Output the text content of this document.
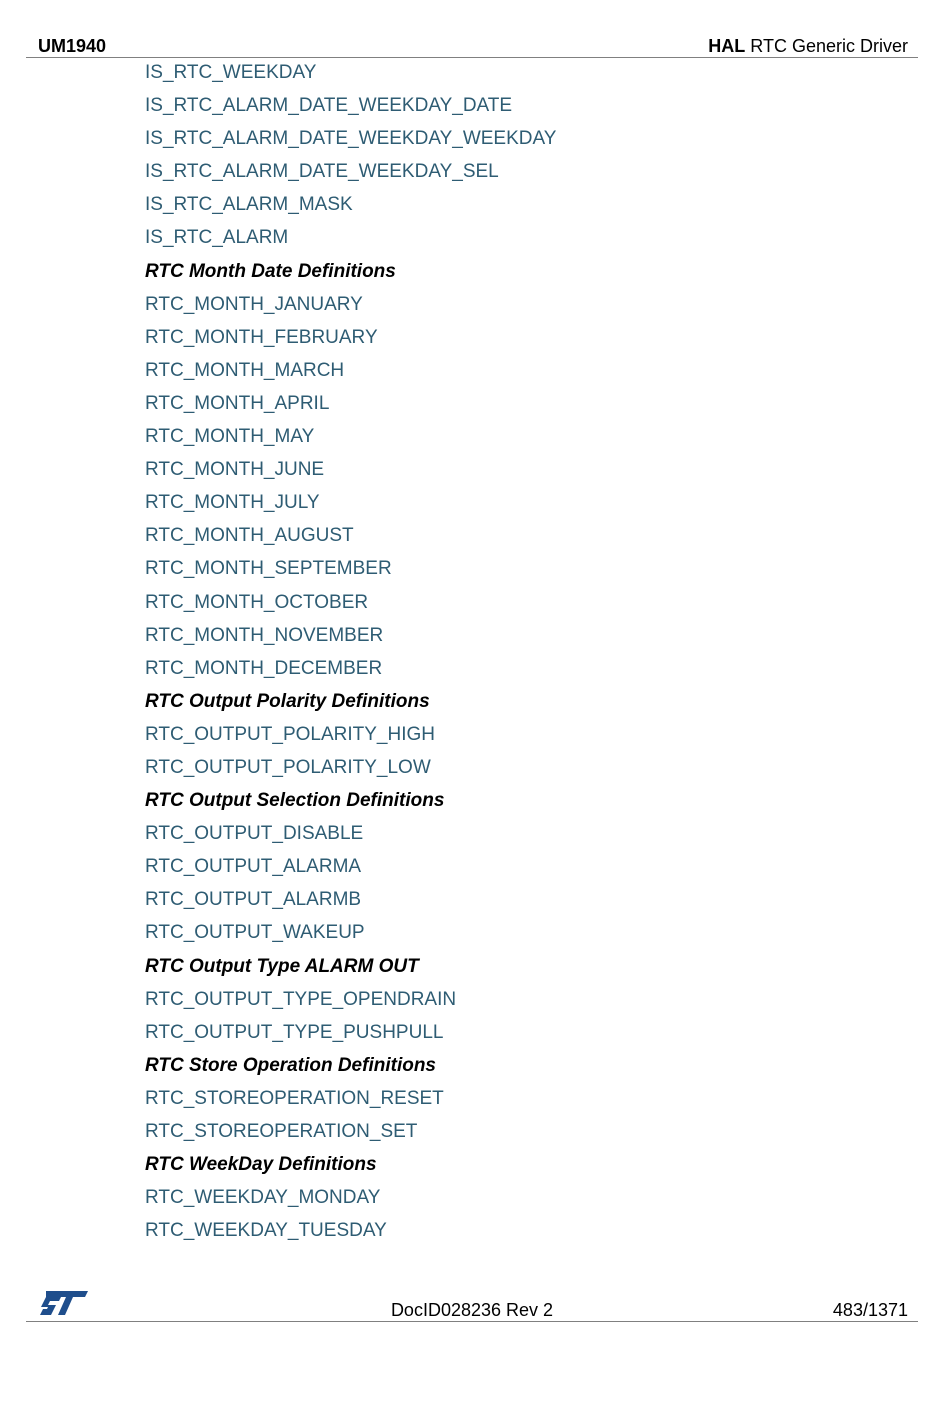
UM1940	HAL RTC Generic Driver
IS_RTC_WEEKDAY
IS_RTC_ALARM_DATE_WEEKDAY_DATE
IS_RTC_ALARM_DATE_WEEKDAY_WEEKDAY
IS_RTC_ALARM_DATE_WEEKDAY_SEL
IS_RTC_ALARM_MASK
IS_RTC_ALARM
RTC Month Date Definitions
RTC_MONTH_JANUARY
RTC_MONTH_FEBRUARY
RTC_MONTH_MARCH
RTC_MONTH_APRIL
RTC_MONTH_MAY
RTC_MONTH_JUNE
RTC_MONTH_JULY
RTC_MONTH_AUGUST
RTC_MONTH_SEPTEMBER
RTC_MONTH_OCTOBER
RTC_MONTH_NOVEMBER
RTC_MONTH_DECEMBER
RTC Output Polarity Definitions
RTC_OUTPUT_POLARITY_HIGH
RTC_OUTPUT_POLARITY_LOW
RTC Output Selection Definitions
RTC_OUTPUT_DISABLE
RTC_OUTPUT_ALARMA
RTC_OUTPUT_ALARMB
RTC_OUTPUT_WAKEUP
RTC Output Type ALARM OUT
RTC_OUTPUT_TYPE_OPENDRAIN
RTC_OUTPUT_TYPE_PUSHPULL
RTC Store Operation Definitions
RTC_STOREOPERATION_RESET
RTC_STOREOPERATION_SET
RTC WeekDay Definitions
RTC_WEEKDAY_MONDAY
RTC_WEEKDAY_TUESDAY
DocID028236 Rev 2	483/1371
